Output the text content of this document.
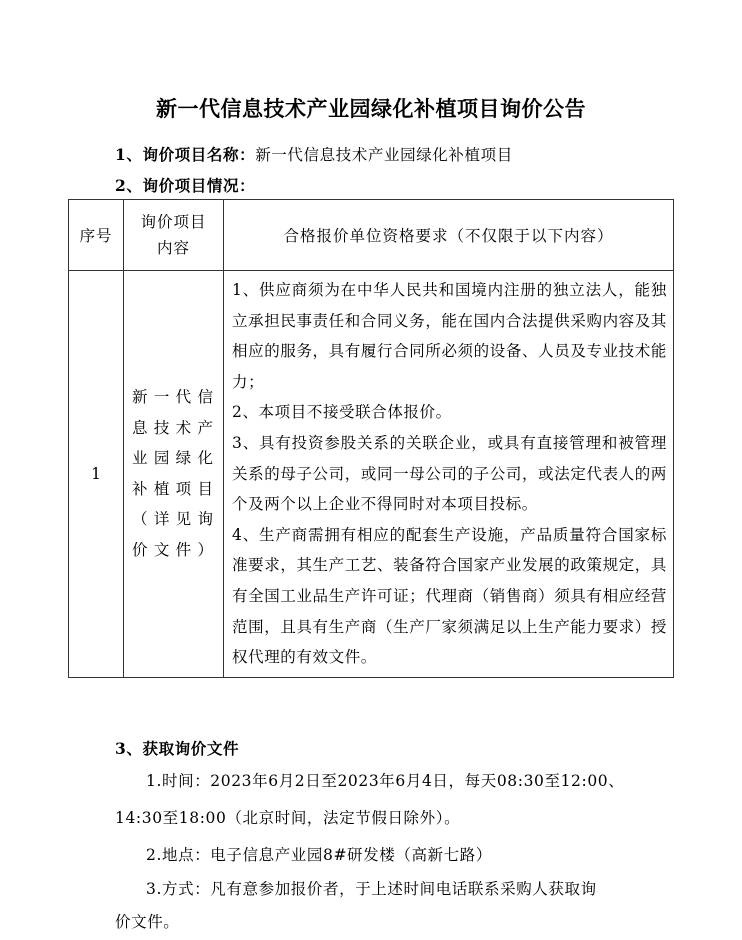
新一代信息技术产业园绿化补植项目询价公告
1、询价项目名称：新一代信息技术产业园绿化补植项目
2、询价项目情况：
序号	询价项目内容	合格报价单位资格要求（不仅限于以下内容）
1	新一代信息技术产业园绿化补植项目（详见询价文件）	1、供应商须为在中华人民共和国境内注册的独立法人，能独立承担民事责任和合同义务，能在国内合法提供采购内容及其相应的服务，具有履行合同所必须的设备、人员及专业技术能力；

2、本项目不接受联合体报价。

3、具有投资参股关系的关联企业，或具有直接管理和被管理关系的母子公司，或同一母公司的子公司，或法定代表人的两个及两个以上企业不得同时对本项目投标。

4、生产商需拥有相应的配套生产设施，产品质量符合国家标准要求，其生产工艺、装备符合国家产业发展的政策规定，具有全国工业品生产许可证；代理商（销售商）须具有相应经营范围，且具有生产商（生产厂家须满足以上生产能力要求）授权代理的有效文件。

3、获取询价文件
1.时间：2023年6月2日至2023年6月4日，每天08:30至12:00、
14:30至18:00（北京时间，法定节假日除外）。
2.地点：电子信息产业园8#研发楼（高新七路）
3.方式：凡有意参加报价者，于上述时间电话联系采购人获取询
价文件。
